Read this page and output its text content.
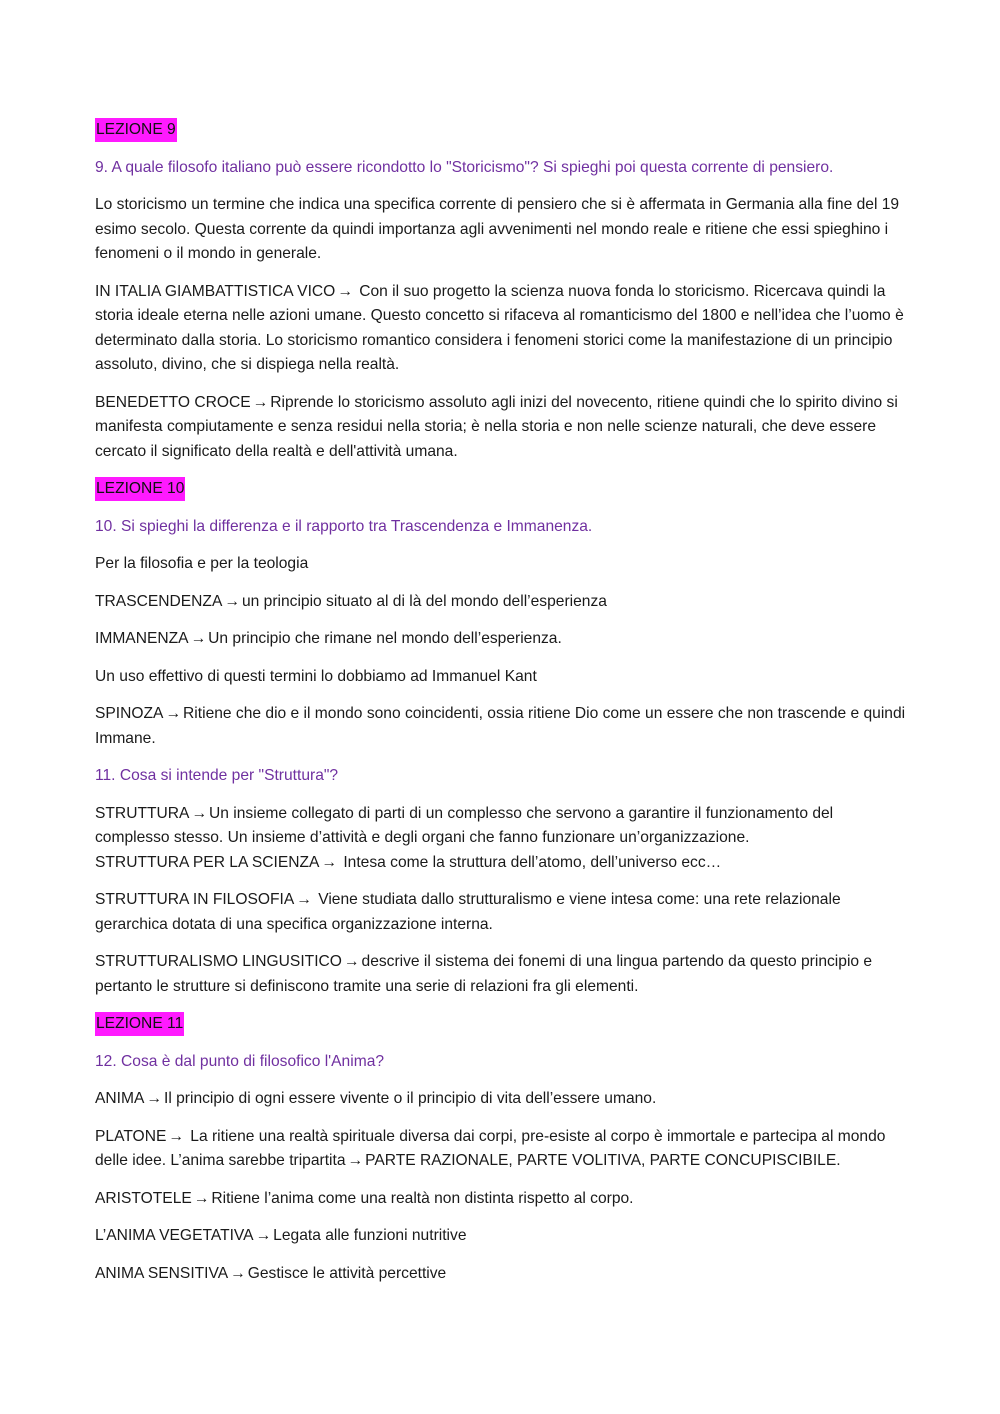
LEZIONE 9

9. A quale filosofo italiano può essere ricondotto lo "Storicismo"? Si spieghi poi questa corrente di pensiero.

Lo storicismo un termine che indica una specifica corrente di pensiero che si è affermata in Germania alla fine del 19 esimo secolo. Questa corrente da quindi importanza agli avvenimenti nel mondo reale e ritiene che essi spieghino i fenomeni o il mondo in generale.

IN ITALIA GIAMBATTISTICA VICO → Con il suo progetto la scienza nuova fonda lo storicismo. Ricercava quindi la storia ideale eterna nelle azioni umane. Questo concetto si rifaceva al romanticismo del 1800 e nell’idea che l’uomo è determinato dalla storia. Lo storicismo romantico considera i fenomeni storici come la manifestazione di un principio assoluto, divino, che si dispiega nella realtà.

BENEDETTO CROCE → Riprende lo storicismo assoluto agli inizi del novecento, ritiene quindi che lo spirito divino si manifesta compiutamente e senza residui nella storia; è nella storia e non nelle scienze naturali, che deve essere cercato il significato della realtà e dell'attività umana.

LEZIONE 10

10. Si spieghi la differenza e il rapporto tra Trascendenza e Immanenza.

Per la filosofia e per la teologia

TRASCENDENZA → un principio situato al di là del mondo dell’esperienza

IMMANENZA → Un principio che rimane nel mondo dell’esperienza.

Un uso effettivo di questi termini lo dobbiamo ad Immanuel Kant

SPINOZA → Ritiene che dio e il mondo sono coincidenti, ossia ritiene Dio come un essere che non trascende e quindi Immane.

11. Cosa si intende per "Struttura"?

STRUTTURA → Un insieme collegato di parti di un complesso che servono a garantire il funzionamento del complesso stesso. Un insieme d’attività e degli organi che fanno funzionare un’organizzazione.

STRUTTURA PER LA SCIENZA → Intesa come la struttura dell’atomo, dell’universo ecc…

STRUTTURA IN FILOSOFIA → Viene studiata dallo strutturalismo e viene intesa come: una rete relazionale gerarchica dotata di una specifica organizzazione interna.

STRUTTURALISMO LINGUSITICO → descrive il sistema dei fonemi di una lingua partendo da questo principio e pertanto le strutture si definiscono tramite una serie di relazioni fra gli elementi.

LEZIONE 11

12. Cosa è dal punto di filosofico l'Anima?

ANIMA → Il principio di ogni essere vivente o il principio di vita dell’essere umano.

PLATONE → La ritiene una realtà spirituale diversa dai corpi, pre-esiste al corpo è immortale e partecipa al mondo delle idee. L’anima sarebbe tripartita → PARTE RAZIONALE, PARTE VOLITIVA, PARTE CONCUPISCIBILE.

ARISTOTELE → Ritiene l’anima come una realtà non distinta rispetto al corpo.

L’ANIMA VEGETATIVA → Legata alle funzioni nutritive

ANIMA SENSITIVA → Gestisce le attività percettive
